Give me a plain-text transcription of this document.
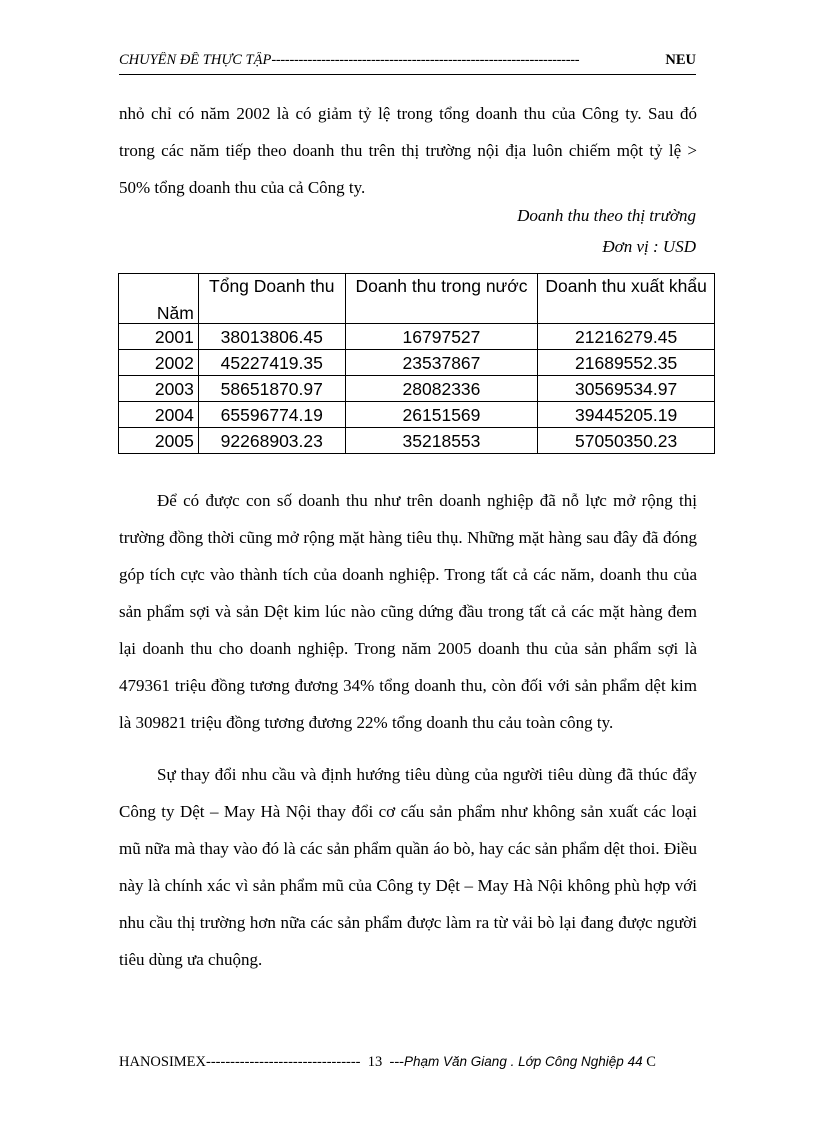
CHUYÊN ĐỀ THỰC TẬP --------------------------------------------------------------------	NEU

nhỏ chỉ có năm 2002 là có giảm tỷ lệ trong tổng doanh thu của Công ty. Sau đó trong các năm tiếp theo doanh thu trên thị trường nội địa luôn chiếm một tỷ lệ > 50% tổng doanh thu của cả Công ty.

Doanh thu theo thị trường
Đơn vị : USD
Năm	Tổng Doanh thu	Doanh thu trong nước	Doanh thu xuất khẩu
2001	38013806.45	16797527	21216279.45
2002	45227419.35	23537867	21689552.35
2003	58651870.97	28082336	30569534.97
2004	65596774.19	26151569	39445205.19
2005	92268903.23	35218553	57050350.23

Để có được con số doanh thu như trên doanh nghiệp đã nỗ lực mở rộng thị trường đồng thời cũng mở rộng mặt hàng tiêu thụ. Những mặt hàng sau đây đã đóng góp tích cực vào thành tích của doanh nghiệp. Trong tất cả các năm, doanh thu của sản phẩm sợi và sản Dệt kim lúc nào cũng dứng đầu trong tất cả các mặt hàng đem lại doanh thu cho doanh nghiệp. Trong năm 2005 doanh thu của sản phẩm sợi là 479361 triệu đồng tương đương 34% tổng doanh thu, còn đối với sản phẩm dệt kim là 309821 triệu đồng tương đương 22% tổng doanh thu cảu toàn công ty.

Sự thay đổi nhu cầu và định hướng tiêu dùng của người tiêu dùng đã thúc đẩy Công ty Dệt – May Hà Nội thay đổi cơ cấu sản phẩm như không sản xuất các loại mũ nữa mà thay vào đó là các sản phẩm quần áo bò, hay các sản phẩm dệt thoi. Điều này là chính xác vì sản phẩm mũ của Công ty Dệt – May Hà Nội không phù hợp với nhu cầu thị trường hơn nữa các sản phẩm được làm ra từ vải bò lại đang được người tiêu dùng ưa chuộng.

HANOSIMEX-------------------------------- 13 ---Phạm Văn Giang . Lớp Công Nghiệp 44 C
